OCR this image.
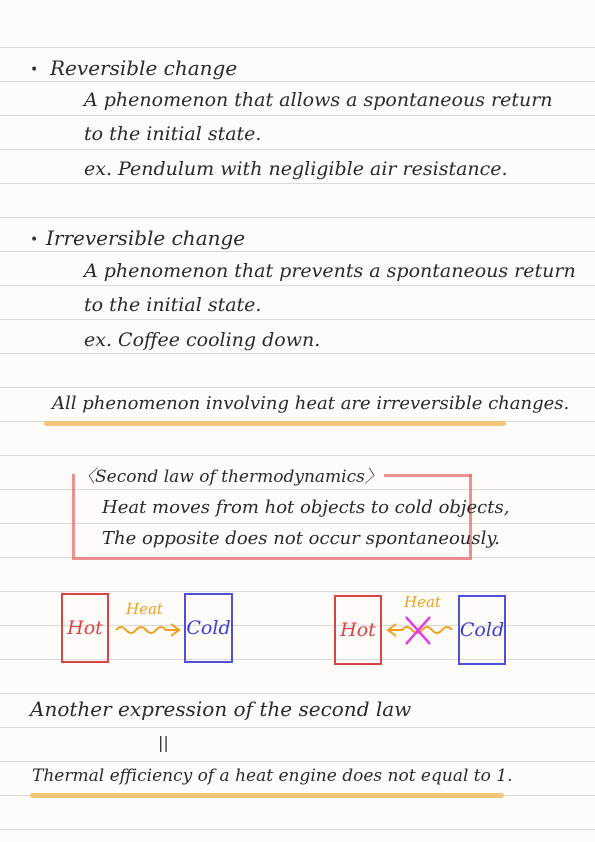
• Reversible change
A phenomenon that allows a spontaneous return
to the initial state.
ex. Pendulum with negligible air resistance.
• Irreversible change
A phenomenon that prevents a spontaneous return
to the initial state.
ex. Coffee cooling down.
All phenomenon involving heat are irreversible changes.
〈Second law of thermodynamics〉
Heat moves from hot objects to cold objects,
The opposite does not occur spontaneously.
Hot	Cold
Heat
Hot	Cold
Heat
Another expression of the second law
||
Thermal efficiency of a heat engine does not equal to 1.
